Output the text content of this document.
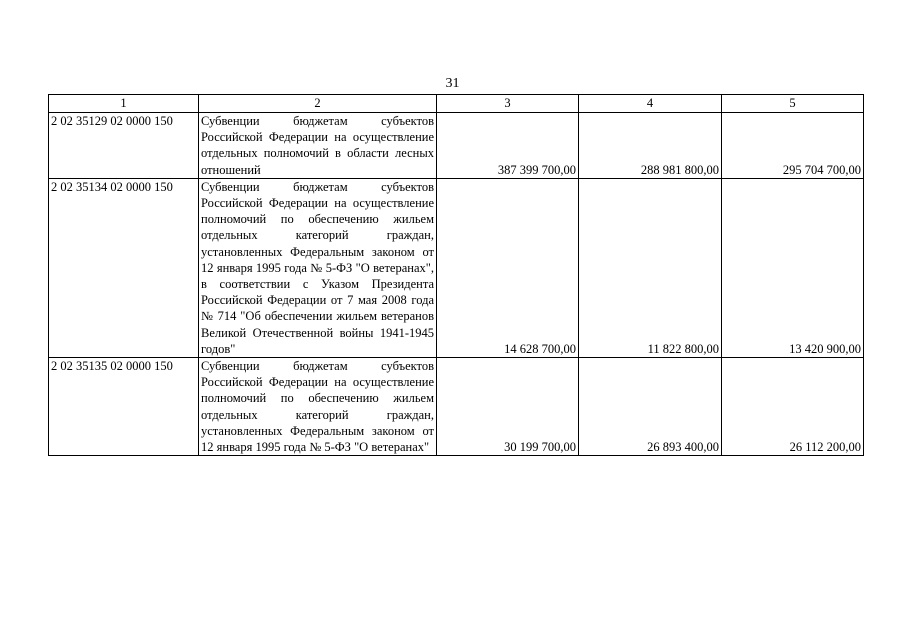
31
1	2	3	4	5
2 02 35129 02 0000 150	Субвенции бюджетам субъектов Российской Федерации на осуществление отдельных полномочий в области лесных отношений	387 399 700,00	288 981 800,00	295 704 700,00
2 02 35134 02 0000 150	Субвенции бюджетам субъектов Российской Федерации на осуществление полномочий по обеспечению жильем отдельных категорий граждан, установленных Федеральным законом от 12 января 1995 года № 5-ФЗ "О ветеранах", в соответствии с Указом Президента Российской Федерации от 7 мая 2008 года № 714 "Об обеспечении жильем ветеранов Великой Отечественной войны 1941-1945 годов"	14 628 700,00	11 822 800,00	13 420 900,00
2 02 35135 02 0000 150	Субвенции бюджетам субъектов Российской Федерации на осуществление полномочий по обеспечению жильем отдельных категорий граждан, установленных Федеральным законом от 12 января 1995 года № 5-ФЗ "О ветеранах"	30 199 700,00	26 893 400,00	26 112 200,00
